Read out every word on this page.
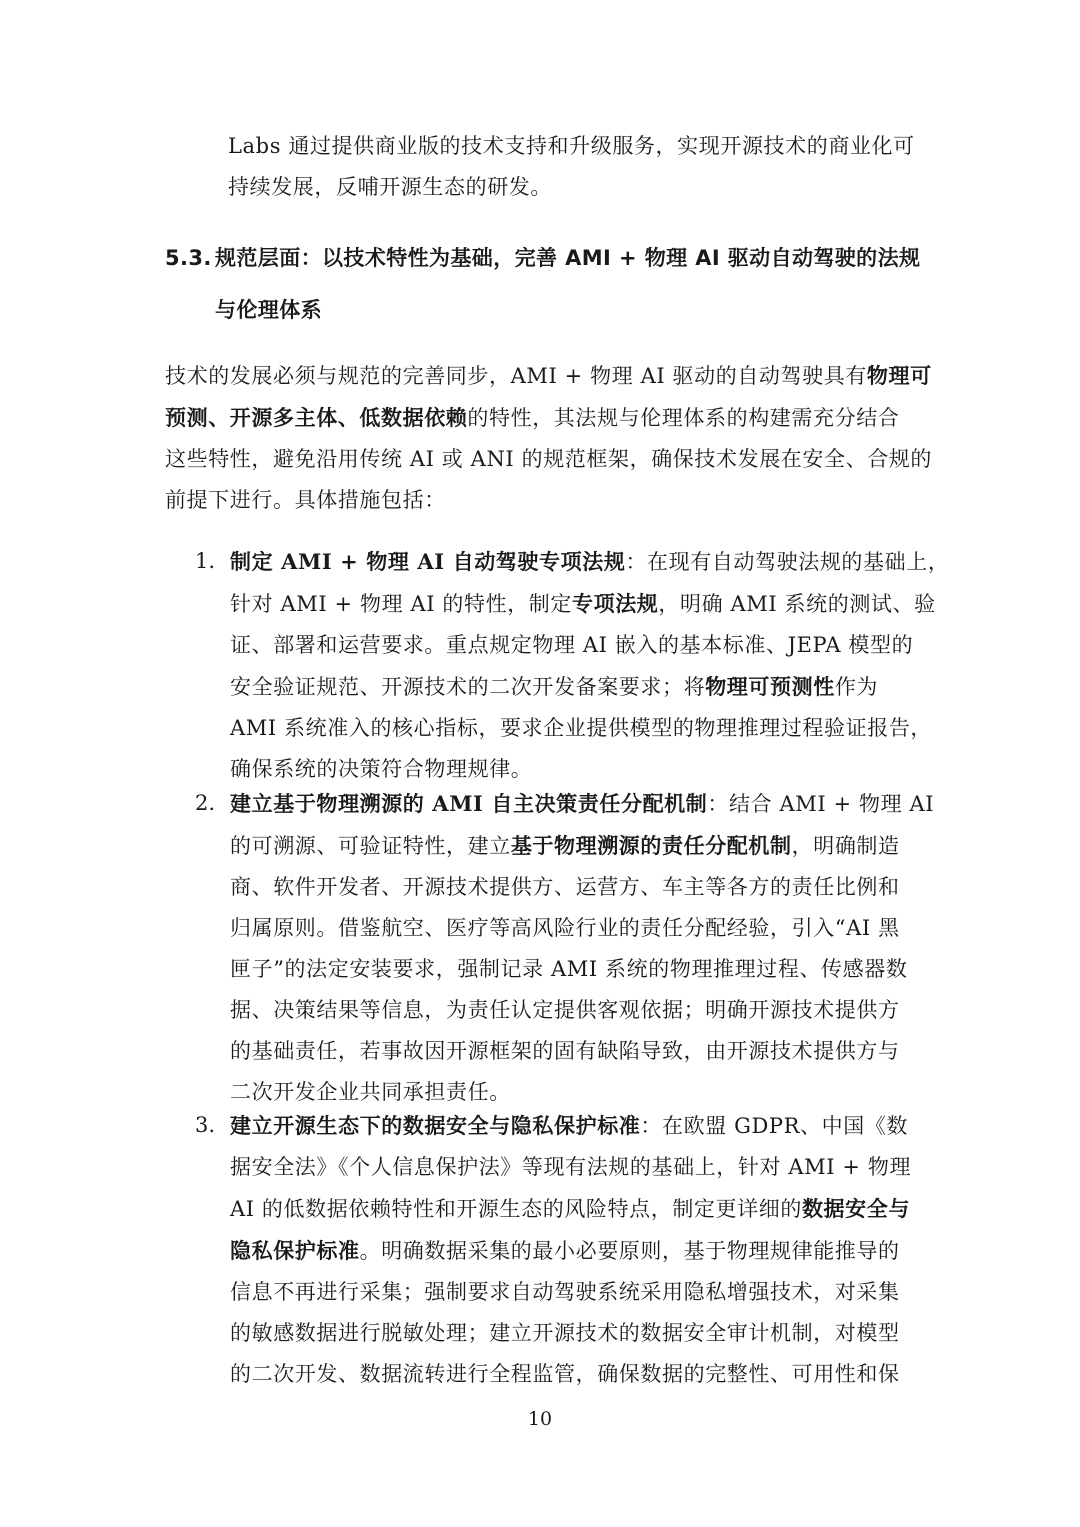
Labs 通过提供商业版的技术支持和升级服务，实现开源技术的商业化可
持续发展，反哺开源生态的研发。
5.3. 规范层面：以技术特性为基础，完善 AMI + 物理 AI 驱动自动驾驶的法规
与伦理体系
技术的发展必须与规范的完善同步，AMI + 物理 AI 驱动的自动驾驶具有物理可
预测、开源多主体、低数据依赖的特性，其法规与伦理体系的构建需充分结合
这些特性，避免沿用传统 AI 或 ANI 的规范框架，确保技术发展在安全、合规的
前提下进行。具体措施包括：
1. 制定 AMI + 物理 AI 自动驾驶专项法规：在现有自动驾驶法规的基础上，
针对 AMI + 物理 AI 的特性，制定专项法规，明确 AMI 系统的测试、验
证、部署和运营要求。重点规定物理 AI 嵌入的基本标准、JEPA 模型的
安全验证规范、开源技术的二次开发备案要求；将物理可预测性作为
AMI 系统准入的核心指标，要求企业提供模型的物理推理过程验证报告，
确保系统的决策符合物理规律。
2. 建立基于物理溯源的 AMI 自主决策责任分配机制：结合 AMI + 物理 AI
的可溯源、可验证特性，建立基于物理溯源的责任分配机制，明确制造
商、软件开发者、开源技术提供方、运营方、车主等各方的责任比例和
归属原则。借鉴航空、医疗等高风险行业的责任分配经验，引入“AI 黑
匣子”的法定安装要求，强制记录 AMI 系统的物理推理过程、传感器数
据、决策结果等信息，为责任认定提供客观依据；明确开源技术提供方
的基础责任，若事故因开源框架的固有缺陷导致，由开源技术提供方与
二次开发企业共同承担责任。
3. 建立开源生态下的数据安全与隐私保护标准：在欧盟 GDPR、中国《数
据安全法》《个人信息保护法》等现有法规的基础上，针对 AMI + 物理
AI 的低数据依赖特性和开源生态的风险特点，制定更详细的数据安全与
隐私保护标准。明确数据采集的最小必要原则，基于物理规律能推导的
信息不再进行采集；强制要求自动驾驶系统采用隐私增强技术，对采集
的敏感数据进行脱敏处理；建立开源技术的数据安全审计机制，对模型
的二次开发、数据流转进行全程监管，确保数据的完整性、可用性和保
10
